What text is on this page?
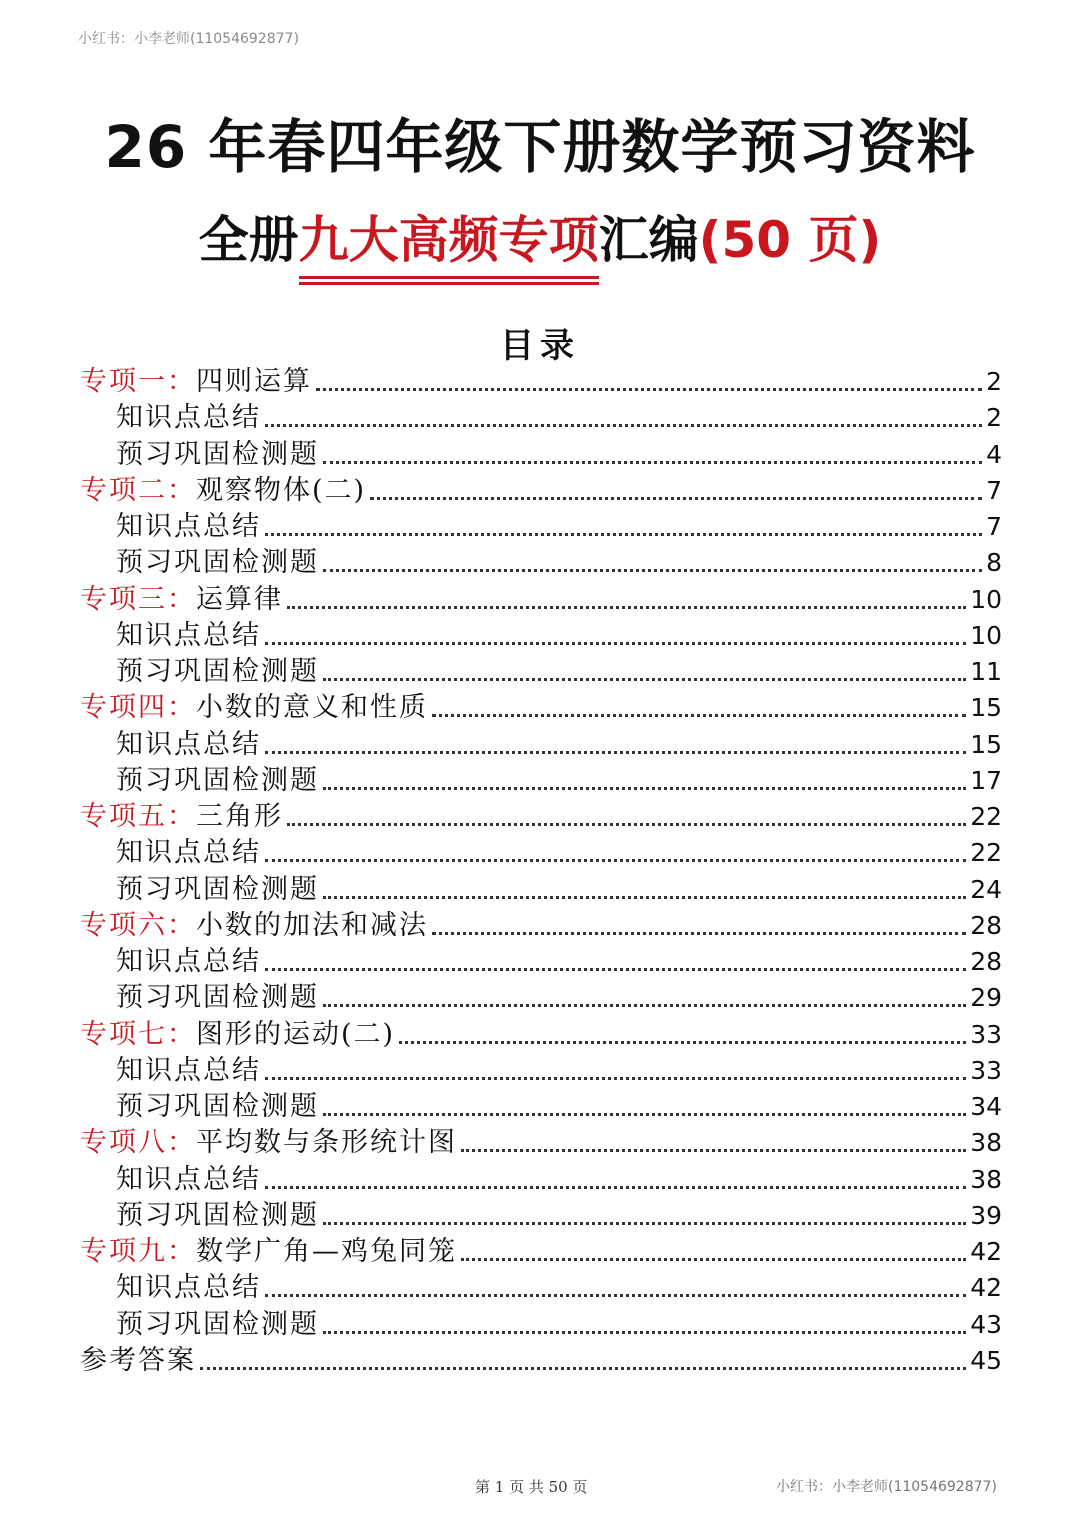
小红书：小李老师(11054692877)
26 年春四年级下册数学预习资料
全册九大高频专项汇编(50 页)
目录
专项一：四则运算	2
知识点总结	2
预习巩固检测题	4
专项二：观察物体(二)	7
知识点总结	7
预习巩固检测题	8
专项三：运算律	10
知识点总结	10
预习巩固检测题	11
专项四：小数的意义和性质	15
知识点总结	15
预习巩固检测题	17
专项五：三角形	22
知识点总结	22
预习巩固检测题	24
专项六：小数的加法和减法	28
知识点总结	28
预习巩固检测题	29
专项七：图形的运动(二)	33
知识点总结	33
预习巩固检测题	34
专项八：平均数与条形统计图	38
知识点总结	38
预习巩固检测题	39
专项九：数学广角—鸡兔同笼	42
知识点总结	42
预习巩固检测题	43
参考答案	45
第 1 页 共 50 页	小红书：小李老师(11054692877)
